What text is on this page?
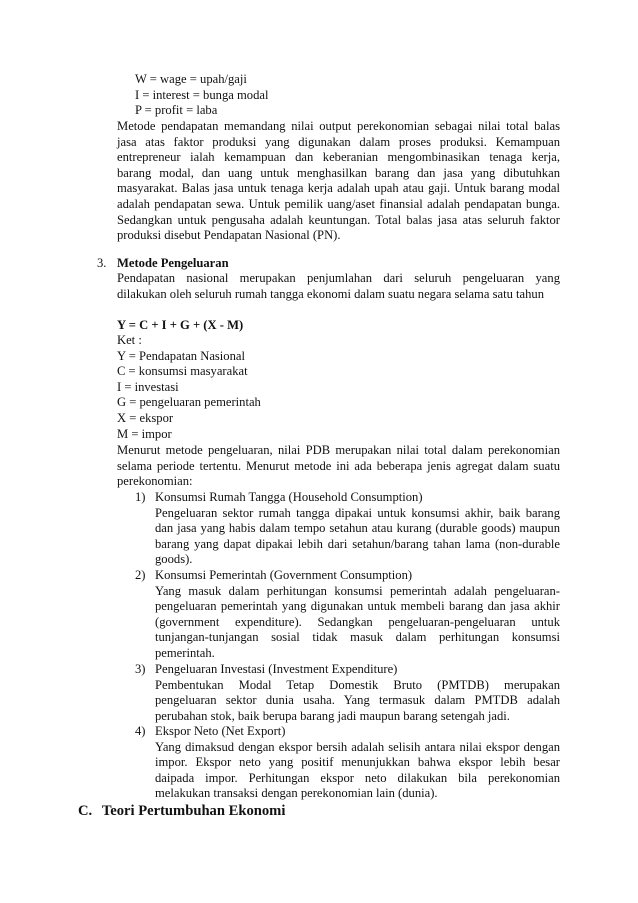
W = wage = upah/gaji
I = interest = bunga modal
P = profit = laba
Metode pendapatan memandang nilai output perekonomian sebagai nilai total balas
jasa atas faktor produksi yang digunakan dalam proses produksi. Kemampuan
entrepreneur ialah kemampuan dan keberanian mengombinasikan tenaga kerja,
barang modal, dan uang untuk menghasilkan barang dan jasa yang dibutuhkan
masyarakat. Balas jasa untuk tenaga kerja adalah upah atau gaji. Untuk barang modal
adalah pendapatan sewa. Untuk pemilik uang/aset finansial adalah pendapatan bunga.
Sedangkan untuk pengusaha adalah keuntungan. Total balas jasa atas seluruh faktor
produksi disebut Pendapatan Nasional (PN).
3. Metode Pengeluaran
Pendapatan nasional merupakan penjumlahan dari seluruh pengeluaran yang
dilakukan oleh seluruh rumah tangga ekonomi dalam suatu negara selama satu tahun
Y = C + I + G + (X - M)
Ket :
Y = Pendapatan Nasional
C = konsumsi masyarakat
I = investasi
G = pengeluaran pemerintah
X = ekspor
M = impor
Menurut metode pengeluaran, nilai PDB merupakan nilai total dalam perekonomian
selama periode tertentu. Menurut metode ini ada beberapa jenis agregat dalam suatu
perekonomian:
1) Konsumsi Rumah Tangga (Household Consumption)
Pengeluaran sektor rumah tangga dipakai untuk konsumsi akhir, baik barang
dan jasa yang habis dalam tempo setahun atau kurang (durable goods) maupun
barang yang dapat dipakai lebih dari setahun/barang tahan lama (non-durable
goods).
2) Konsumsi Pemerintah (Government Consumption)
Yang masuk dalam perhitungan konsumsi pemerintah adalah pengeluaran-
pengeluaran pemerintah yang digunakan untuk membeli barang dan jasa akhir
(government expenditure). Sedangkan pengeluaran-pengeluaran untuk
tunjangan-tunjangan sosial tidak masuk dalam perhitungan konsumsi
pemerintah.
3) Pengeluaran Investasi (Investment Expenditure)
Pembentukan Modal Tetap Domestik Bruto (PMTDB) merupakan
pengeluaran sektor dunia usaha. Yang termasuk dalam PMTDB adalah
perubahan stok, baik berupa barang jadi maupun barang setengah jadi.
4) Ekspor Neto (Net Export)
Yang dimaksud dengan ekspor bersih adalah selisih antara nilai ekspor dengan
impor. Ekspor neto yang positif menunjukkan bahwa ekspor lebih besar
daipada impor. Perhitungan ekspor neto dilakukan bila perekonomian
melakukan transaksi dengan perekonomian lain (dunia).
C. Teori Pertumbuhan Ekonomi
